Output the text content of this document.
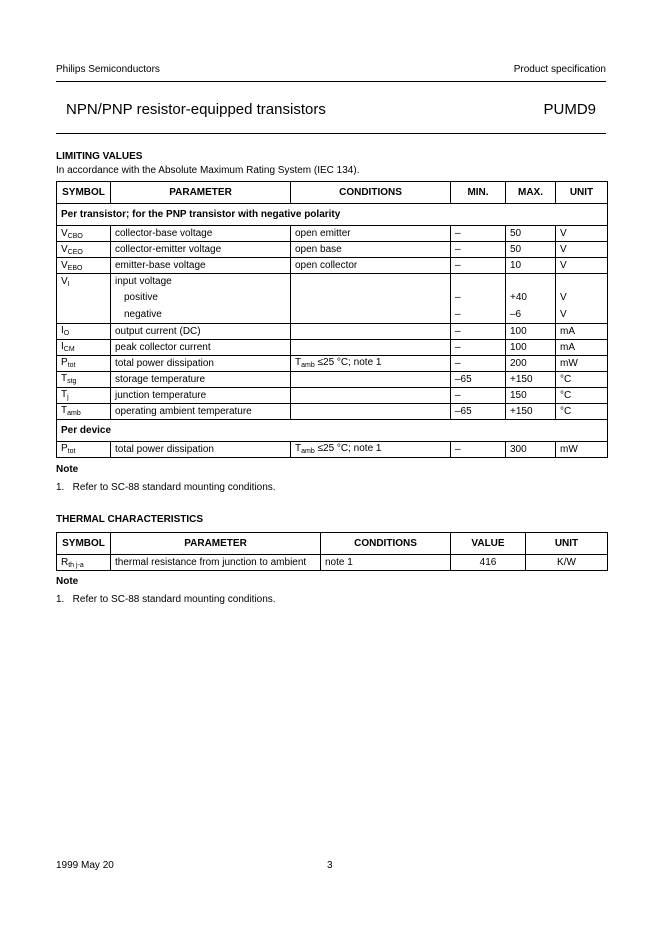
Philips Semiconductors	Product specification
NPN/PNP resistor-equipped transistors	PUMD9
LIMITING VALUES
In accordance with the Absolute Maximum Rating System (IEC 134).
SYMBOL	PARAMETER	CONDITIONS	MIN.	MAX.	UNIT
Per transistor; for the PNP transistor with negative polarity					
$V_{CBO}$	collector-base voltage	open emitter	–	50	V
$V_{CEO}$	collector-emitter voltage	open base	–	50	V
$V_{EBO}$	emitter-base voltage	open collector	–	10	V
$V_I$	input voltage				
	positive		–	+40	V
	negative		–	–6	V
$I_O$	output current (DC)		–	100	mA
$I_{CM}$	peak collector current		–	100	mA
$P_{tot}$	total power dissipation	$T_{amb} \le 25$ °C; note 1	–	200	mW
$T_{stg}$	storage temperature		–65	+150	°C
$T_j$	junction temperature		–	150	°C
$T_{amb}$	operating ambient temperature		–65	+150	°C
Per device					
$P_{tot}$	total power dissipation	$T_{amb} \le 25$ °C; note 1	–	300	mW
Note
1.   Refer to SC-88 standard mounting conditions.
THERMAL CHARACTERISTICS
SYMBOL	PARAMETER	CONDITIONS	VALUE	UNIT
$R_{th j-a}$	thermal resistance from junction to ambient	note 1	416	K/W
Note
1.   Refer to SC-88 standard mounting conditions.
1999 May 20	3
